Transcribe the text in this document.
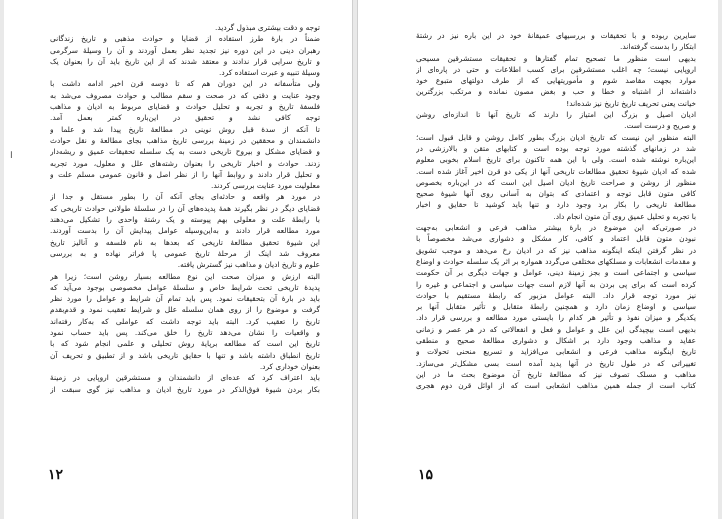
׀
توجه و دقت بیشتری مبذول گردید.
ضمناً در بارهٔ طرز استفاده از قضایا و حوادث مذهبی و تاریخ زندگانی
رهبران دینی در این دوره نیز تجدید نظر بعمل آوردند و آن را وسیلهٔ سرگرمی
و تاریخ سرایی قرار ندادند و معتقد شدند که از این تاریخ باید آن را بعنوان یک
وسیلهٔ تنبیه و عبرت استفاده کرد.
ولی متأسفانه در این دوران هم که تا دوسه قرن اخیر ادامه داشت با
وجود عنایت و دقتی که در صحت و سقم مطالب و حوادث مصروف می‌شد به
فلسفهٔ تاریخ و تجربه و تحلیل حوادث و قضایای مربوط به ادیان و مذاهب
توجه کافی نشد و تحقیق در این‌باره کمتر بعمل آمد.
تا آنکه از سدهٔ قبل روش نوینی در مطالعهٔ تاریخ پیدا شد و علما و
دانشمندان و محققین در زمینهٔ بررسی تاریخ مذاهب بجای مطالعهٔ و نقل حوادث
و قضایای مشکل و بیروح تاریخی دست به یک سلسله تحقیقات عمیق و ریشه‌دار
زدند. حوادث و اخبار تاریخی را بعنوان رشته‌های علل و معلول، مورد تجربه
و تحلیل قرار دادند و روابط آنها را از نظر اصل و قانون عمومی مسلم علت و
معلولیت مورد عنایت بررسی کردند.
در مورد هر واقعه و حادثه‌ای بجای آنکه آن را بطور مستقل و جدا از
قضایای دیگر در نظر بگیرند همهٔ پدیده‌های آن را در سلسلهٔ طولانی حوادث تاریخی که
با رابطهٔ علت و معلولی بهم پیوسته و یک رشتهٔ واحدی را تشکیل می‌دهند
مورد مطالعه قرار دادند و به‌این‌وسیله عوامل پیدایش آن را بدست آوردند.
این شیوهٔ تحقیق مطالعهٔ تاریخی که بعدها به نام فلسفه و آنالیز تاریخ
معروف شد اینک از مرحلهٔ تاریخ عمومی پا فراتر نهاده و به بررسی
علوم و تاریخ ادیان و مذاهب نیز گسترش یافته.
البته ارزش و میزان صحت این نوع مطالعه بسیار روشن است؛ زیرا هر
پدیدهٔ تاریخی تحت شرایط خاص و سلسلهٔ عوامل مخصوصی بوجود می‌آید که
باید در بارهٔ آن بتحقیقات نمود. پس باید تمام آن شرایط و عوامل را مورد نظر
گرفت و موضوع را از روی همان سلسله علل و شرایط تعقیب نمود و قدم‌بقدم
تاریخ را تعقیب کرد. البته باید توجه داشت که عواملی که به‌کار رفته‌اند
و واقعیات را نشان می‌دهد تاریخ را خلق می‌کند. پس باید حساب نمود
تاریخ این است که مطالعه برپایهٔ روش تحلیلی و علمی انجام شود که با
تاریخ انطباق داشته باشد و تنها با حقایق تاریخی باشد و از تطبیق و تحریف آن
بعنوان خوداری کرد.
باید اعتراف کرد که عده‌ای از دانشمندان و مستشرقین اروپایی در زمینهٔ
بکار بردن شیوهٔ فوق‌الذکر در مورد تاریخ ادیان و مذاهب نیز گوی سبقت از
۱۲
سایرین ربوده و با تحقیقات و بررسیهای عمیقانهٔ خود در این باره نیز در رشتهٔ
ابتکار را بدست گرفته‌اند.
بدیهی است منظور ما تصحیح تمام گفتارها و تحقیقات مستشرقین مسیحی
اروپایی نیست؛ چه اغلب مستشرقین برای کسب اطلاعات و حتی در پاره‌ای از
موارد بجهت مقاصد شوم و مأموریتهایی که از طرف دولتهای متبوع خود
داشته‌اند از اشتباه و خطا و حب و بغض مصون نمانده و مرتکب بزرگترین
خیانت یعنی تحریف تاریخ تاریخ نیز شده‌اند!
ادیان اصیل و بزرگ این امتیاز را دارند که تاریخ آنها تا اندازه‌ای روشن
و صریح و درست است.
البته منظور این نیست که تاریخ ادیان بزرگ بطور کامل روشن و قابل قبول است؛
شد در زمانهای گذشته مورد توجه بوده است و کتابهای متقن و بالارزشی در
این‌باره نوشته شده است. ولی با این همه تاکنون برای تاریخ اسلام بخوبی معلوم
شده که ادیان شیوهٔ تحقیق مطالعات تاریخی آنها از یکی دو قرن اخیر آغاز شده است.
منظور از روشن و صراحت تاریخ ادیان اصیل این است که در این‌باره بخصوص
کافی متون قابل توجه و اعتمادی که بتوان به آسانی روی آنها شیوهٔ صحیح
مطالعهٔ تاریخی را بکار برد وجود دارد و تنها باید کوشید تا حقایق و اخبار
با تجربه و تحلیل عمیق روی آن متون انجام داد.
در صورتی‌که این موضوع در بارهٔ بیشتر مذاهب فرعی و انشعابی به‌جهت
نبودن متون قابل اعتماد و کافی، کار مشکل و دشواری می‌شد مخصوصاً با
در نظر گرفتن اینکه اینگونه مذاهب نیز که در ادیان رخ می‌دهد و موجب تشویق
و مقدمات انشعابات و مسلکهای مختلفی می‌گردد همواره بر اثر یک سلسله حوادث و اوضاع
سیاسی و اجتماعی است و بجز زمینهٔ دینی، عوامل و جهات دیگری بر آن حکومت
کرده است که برای پی بردن به آنها لازم است جهات سیاسی و اجتماعی و غیره را
نیز مورد توجه قرار داد. البته عوامل مزبور که رابطهٔ مستقیم با حوادث
سیاسی و اوضاع زمان دارد و همچنین رابطهٔ متقابل و تأثیر متقابل آنها بر
یکدیگر و میزان نفوذ و تأثیر هر کدام را بایستی مورد مطالعه و بررسی قرار داد.
بدیهی است بیچیدگی این علل و عوامل و فعل و انفعالاتی که در هر عصر و زمانی
عقاید و مذاهب وجود دارد بر اشکال و دشواری مطالعهٔ صحیح و منطقی
تاریخ اینگونه مذاهب فرعی و انشعابی می‌افزاید و تسریع منحنی تحولات و
تغییراتی که در طول تاریخ در آنها پدید آمده است بسی مشکل‌تر می‌سازد.
مذاهب و مسلک تصوف نیز که مطالعهٔ تاریخ آن موضوع بحث ما در این
کتاب است از جمله همین مذاهب انشعابی است که از اوائل قرن دوم هجری
۱۵
